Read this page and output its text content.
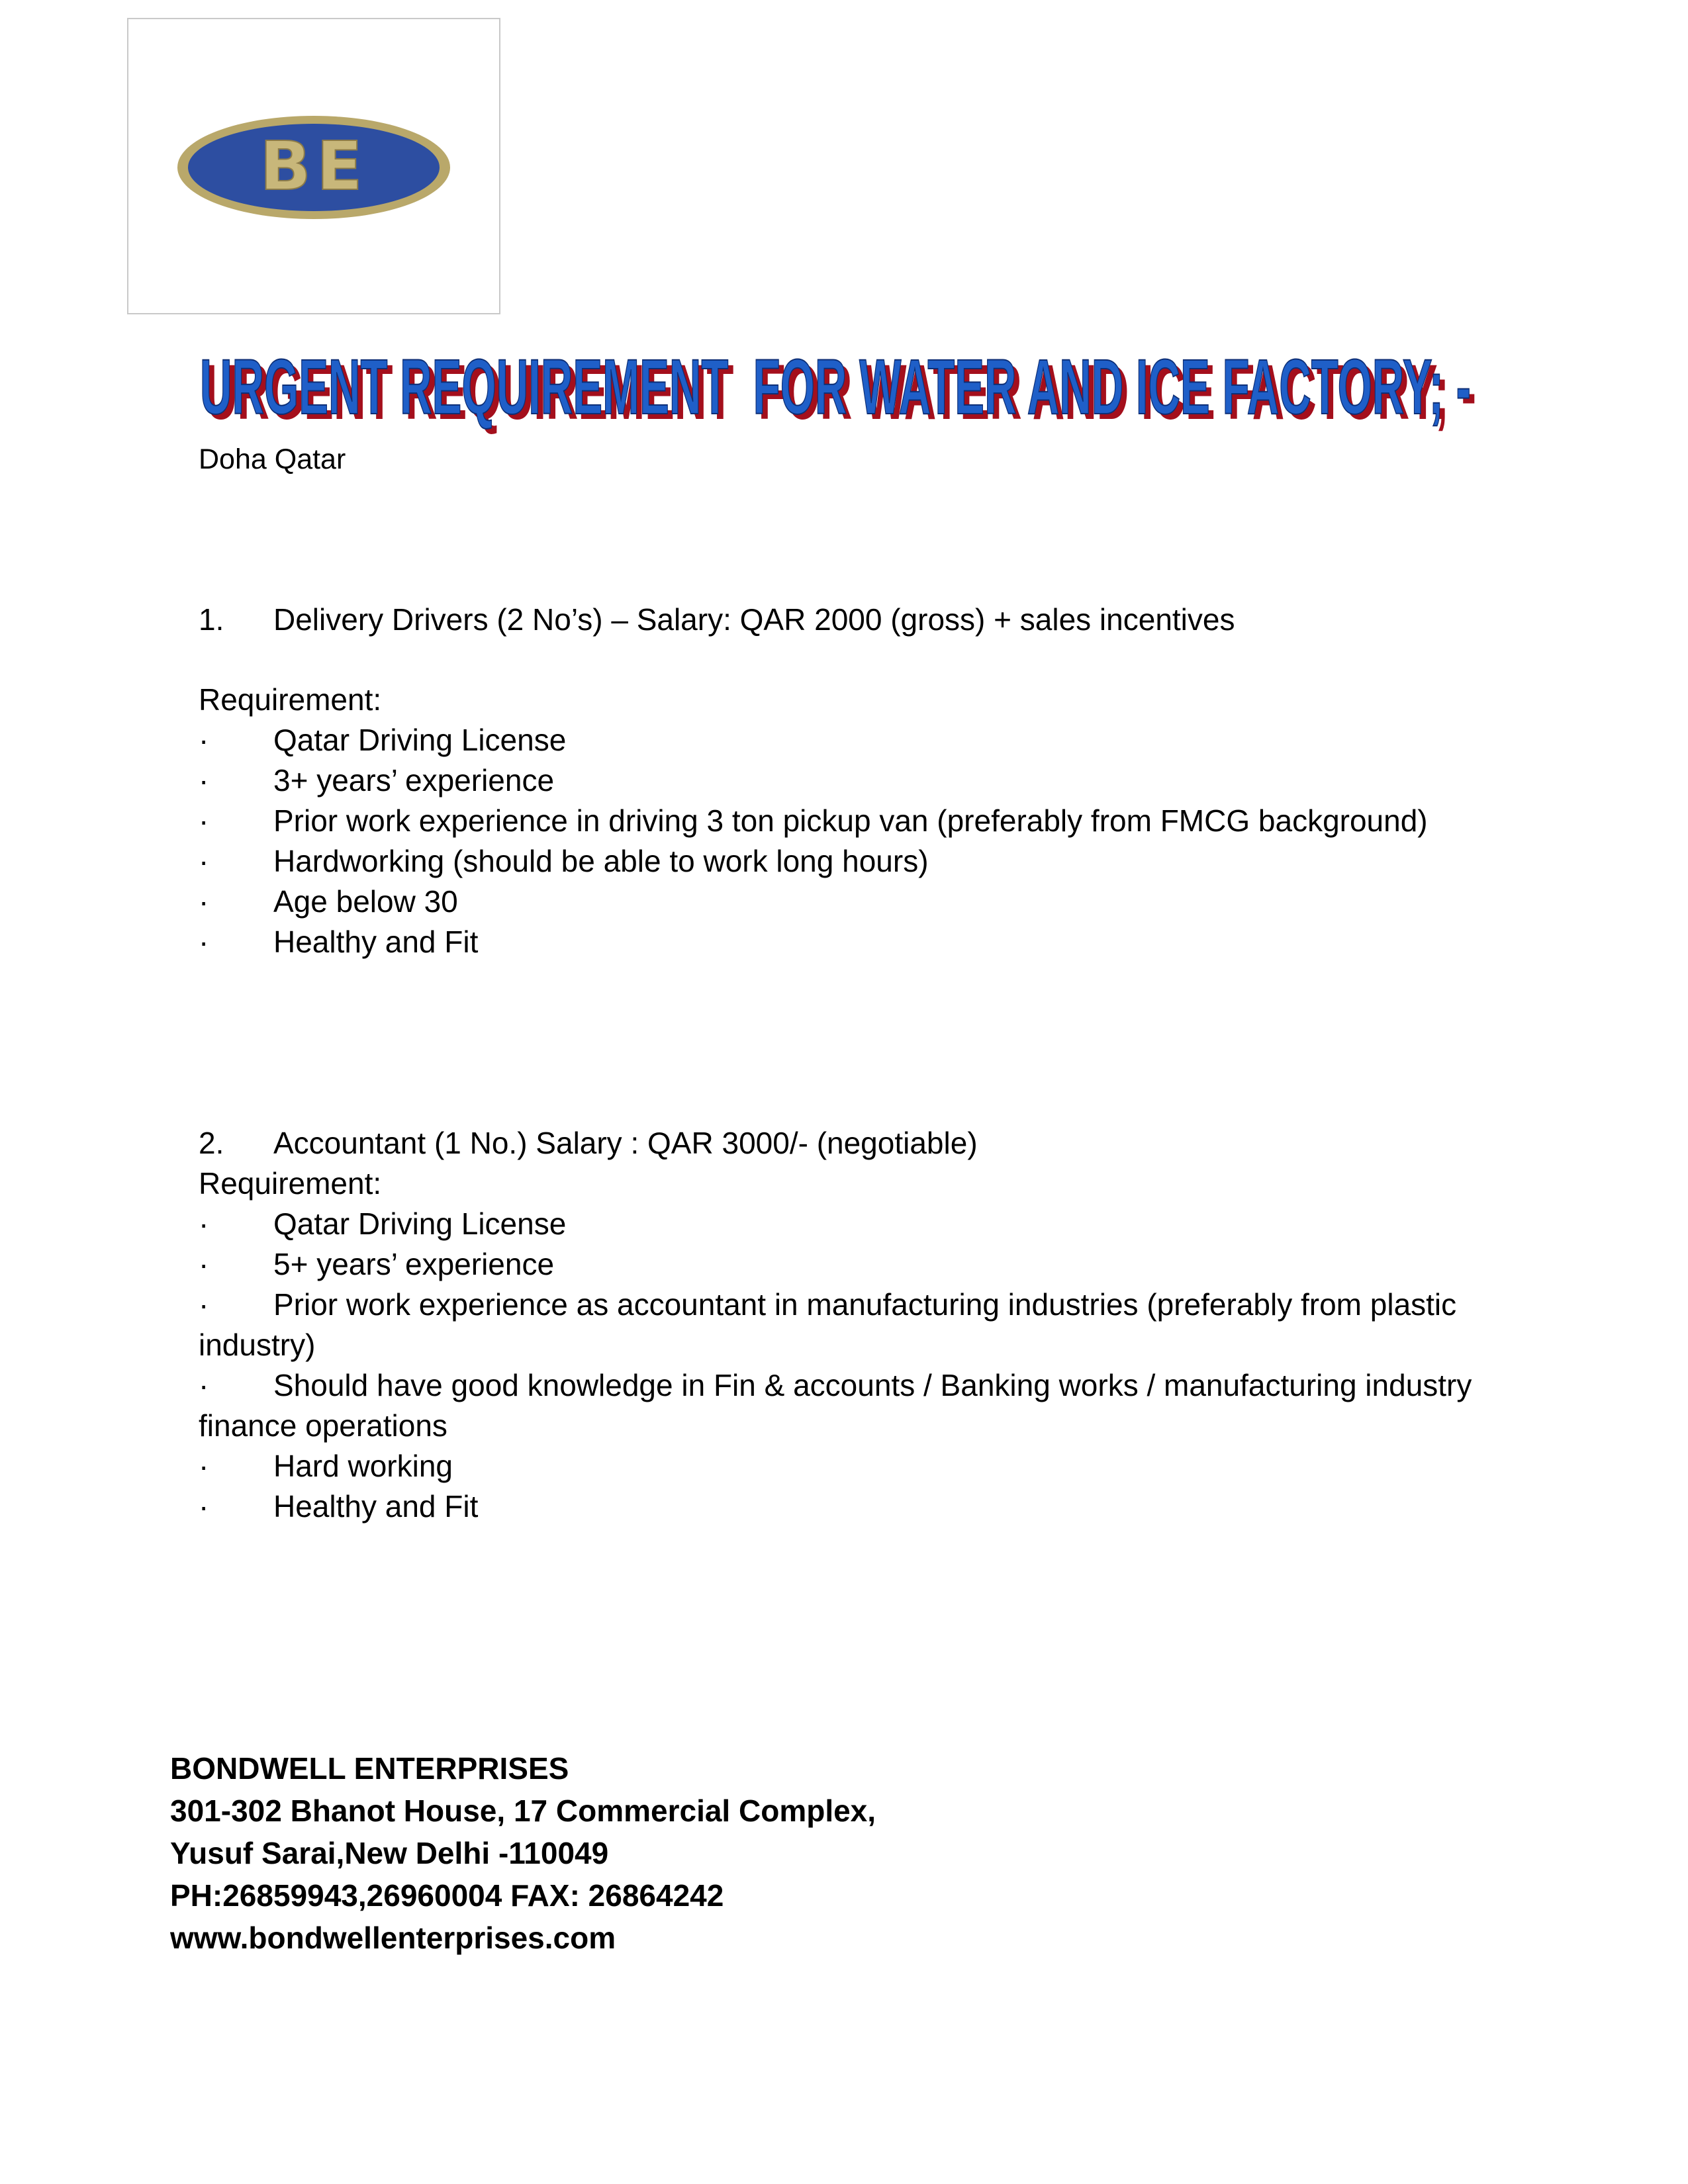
BE
URGENT REQUIREMENT  FOR WATER AND ICE FACTORY; -
URGENT REQUIREMENT  FOR WATER AND ICE FACTORY; -
Doha Qatar
1. Delivery Drivers (2 No’s) – Salary: QAR 2000 (gross) + sales incentives
Requirement:
· Qatar Driving License
· 3+ years’ experience
· Prior work experience in driving 3 ton pickup van (preferably from FMCG background)
· Hardworking (should be able to work long hours)
· Age below 30
· Healthy and Fit
2. Accountant (1 No.) Salary : QAR 3000/- (negotiable)
Requirement:
· Qatar Driving License
· 5+ years’ experience
· Prior work experience as accountant in manufacturing industries (preferably from plastic
industry)
· Should have good knowledge in Fin & accounts / Banking works / manufacturing industry
finance operations
· Hard working
· Healthy and Fit
BONDWELL ENTERPRISES
301-302 Bhanot House, 17 Commercial Complex,
Yusuf Sarai,New Delhi -110049
PH:26859943,26960004 FAX: 26864242
www.bondwellenterprises.com
